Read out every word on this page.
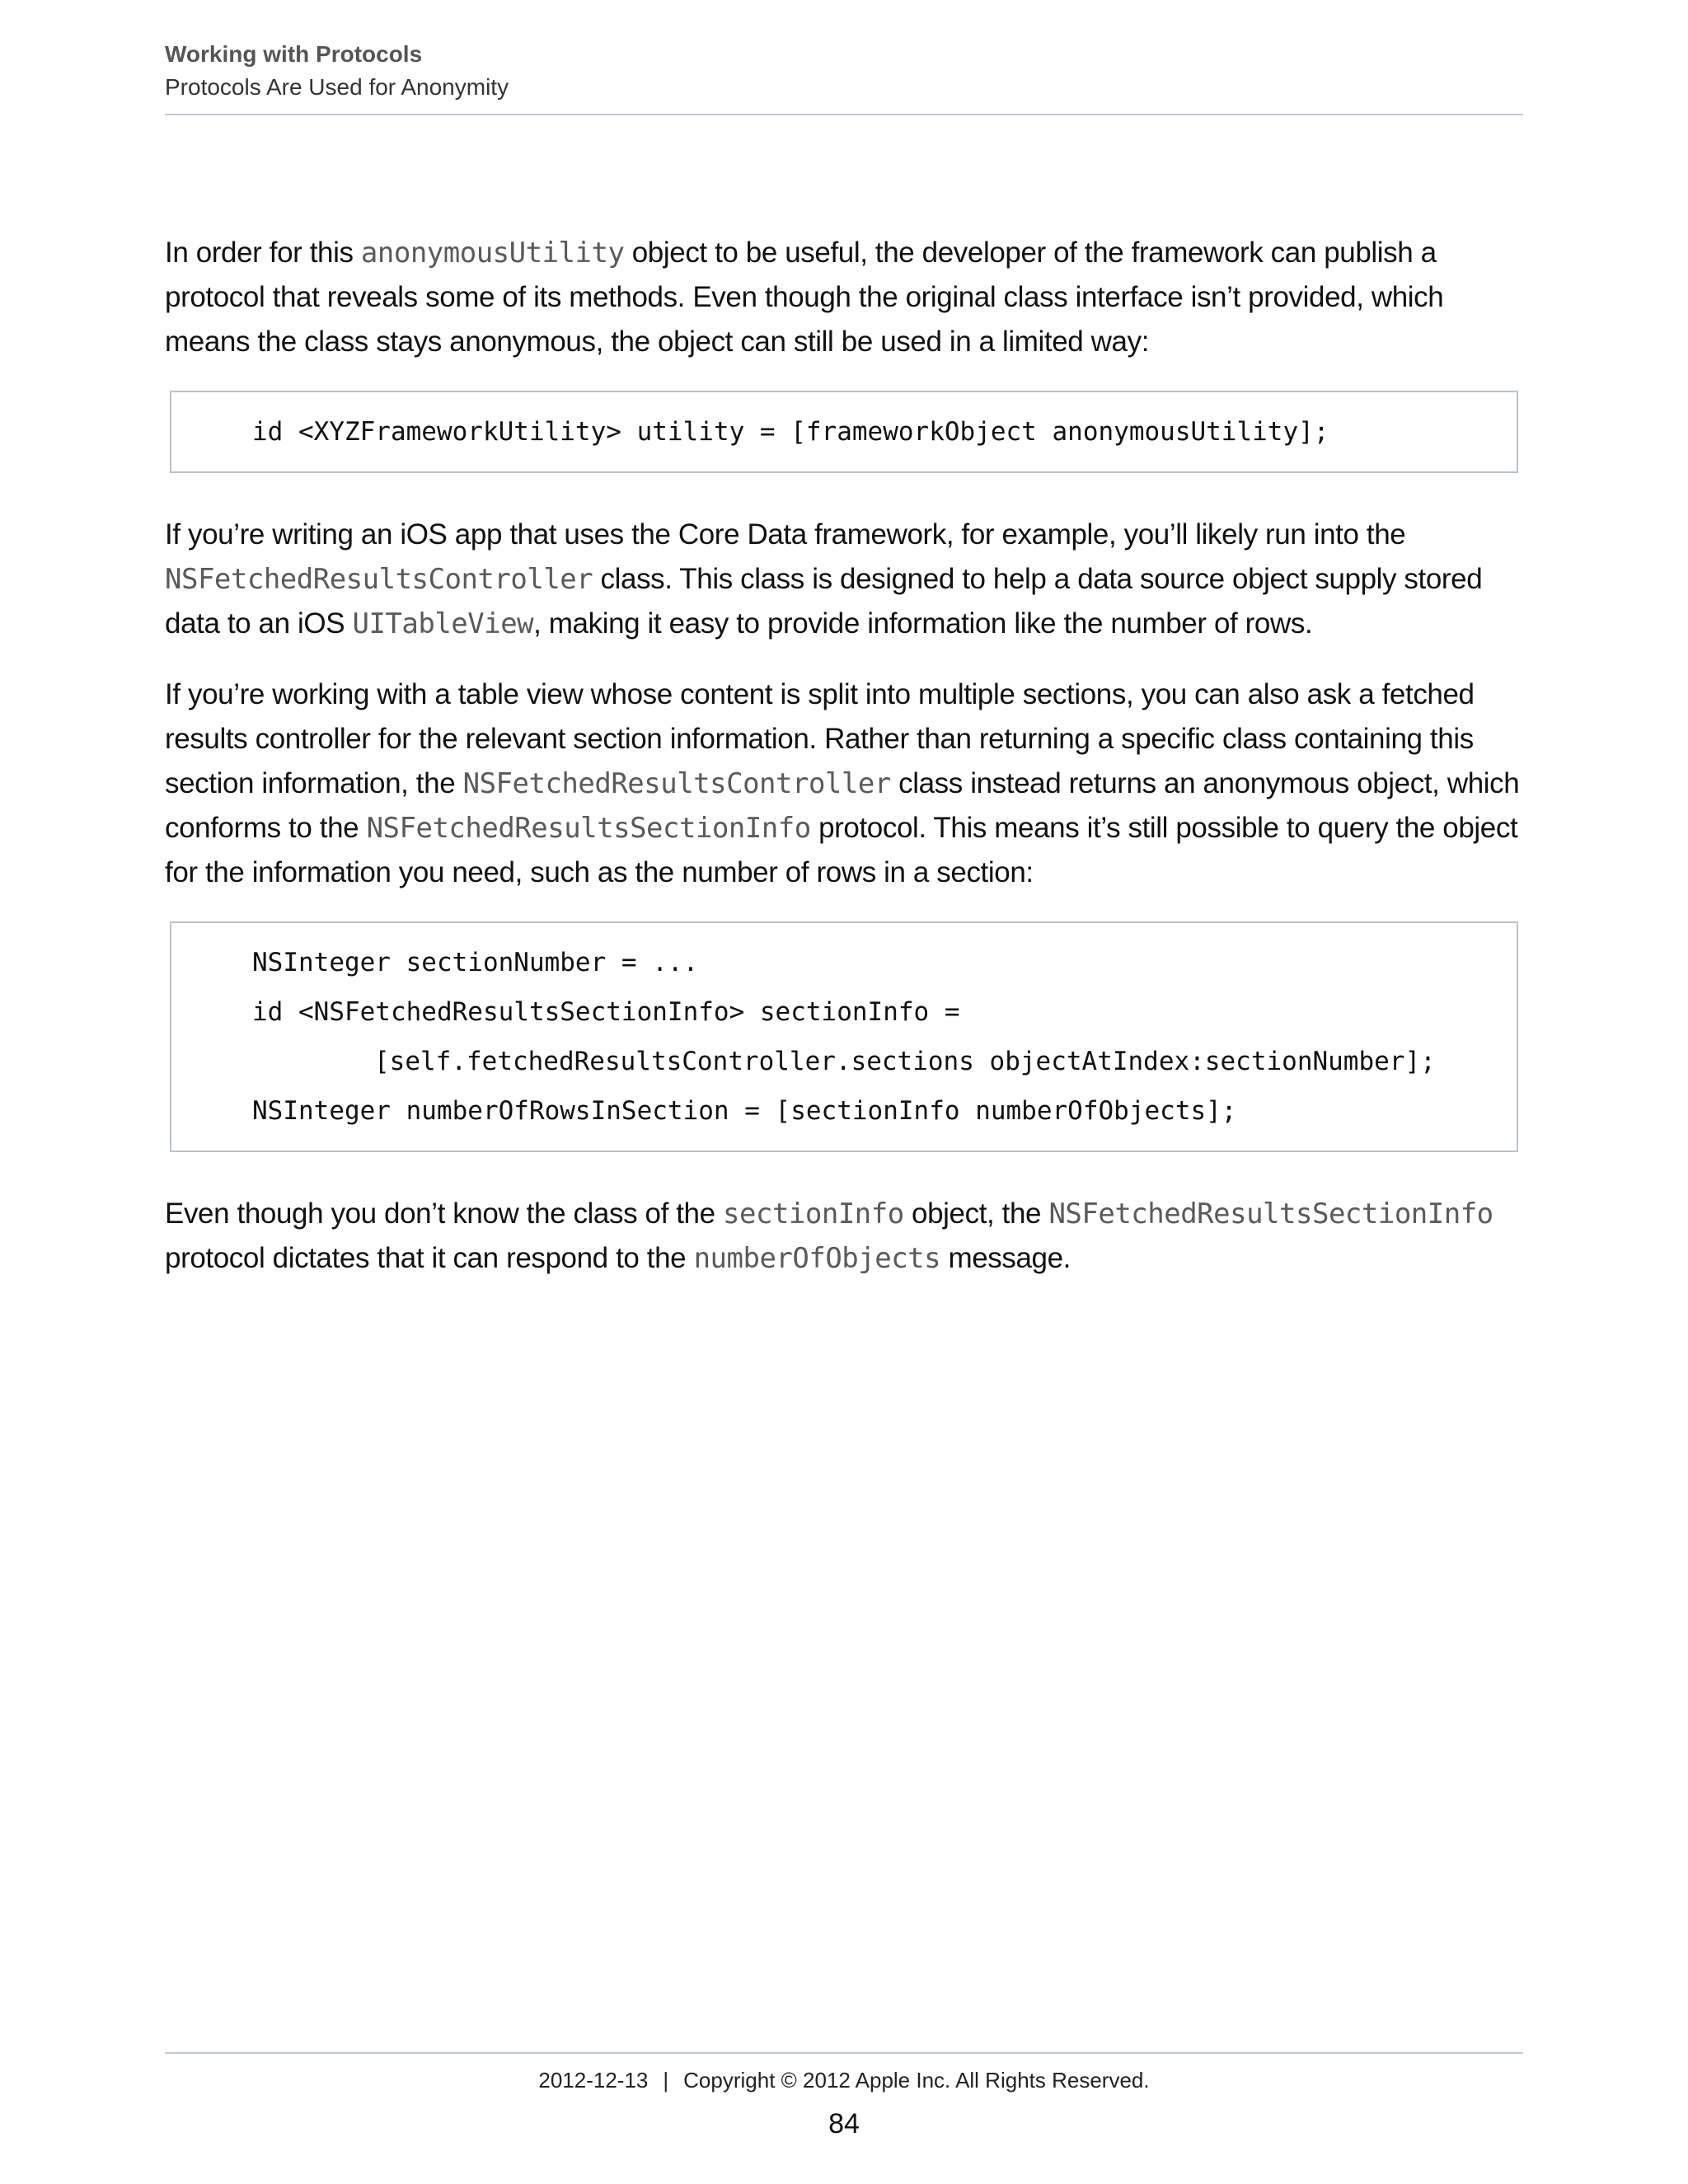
Working with Protocols
Protocols Are Used for Anonymity

In order for this anonymousUtility object to be useful, the developer of the framework can publish a protocol that reveals some of its methods. Even though the original class interface isn’t provided, which means the class stays anonymous, the object can still be used in a limited way:

id <XYZFrameworkUtility> utility = [frameworkObject anonymousUtility];

If you’re writing an iOS app that uses the Core Data framework, for example, you’ll likely run into the NSFetchedResultsController class. This class is designed to help a data source object supply stored data to an iOS UITableView, making it easy to provide information like the number of rows.

If you’re working with a table view whose content is split into multiple sections, you can also ask a fetched results controller for the relevant section information. Rather than returning a specific class containing this section information, the NSFetchedResultsController class instead returns an anonymous object, which conforms to the NSFetchedResultsSectionInfo protocol. This means it’s still possible to query the object for the information you need, such as the number of rows in a section:

NSInteger sectionNumber = ...
id <NSFetchedResultsSectionInfo> sectionInfo =
[self.fetchedResultsController.sections objectAtIndex:sectionNumber];
NSInteger numberOfRowsInSection = [sectionInfo numberOfObjects];

Even though you don’t know the class of the sectionInfo object, the NSFetchedResultsSectionInfo protocol dictates that it can respond to the numberOfObjects message.

2012-12-13 | Copyright © 2012 Apple Inc. All Rights Reserved.
84
